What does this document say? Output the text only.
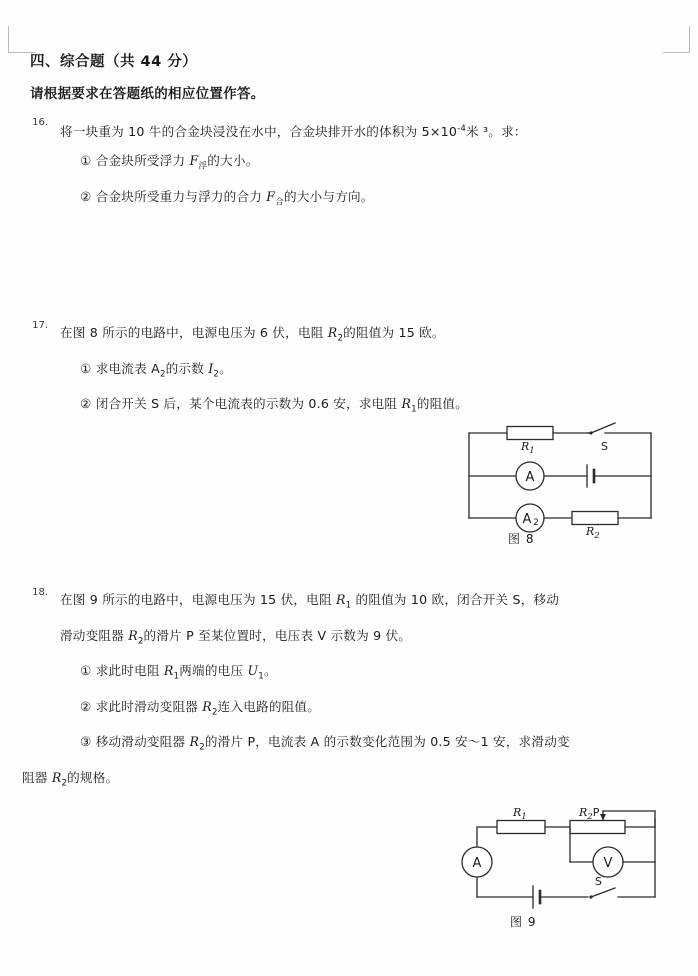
四、综合题（共 44 分）
请根据要求在答题纸的相应位置作答。
16.
将一块重为 10 牛的合金块浸没在水中，合金块排开水的体积为 $5\times 10^{-4}$米 ³。求：
① 合金块所受浮力 $F_浮$的大小。
② 合金块所受重力与浮力的合力 $F_合$的大小与方向。
17. 在图 8 所示的电路中，电源电压为 6 伏，电阻 $R_2$的阻值为 15 欧。
① 求电流表 $A_2$的示数 $I_2$。
② 闭合开关 S 后，某个电流表的示数为 0.6 安，求电阻 $R_1$的阻值。
A
A 2
$R_1$	S
$R_2$
图 8
18. 在图 9 所示的电路中，电源电压为 15 伏，电阻 $R_1$ 的阻值为 10 欧，闭合开关 S，移动
滑动变阻器 $R_2$的滑片 P 至某位置时，电压表 V 示数为 9 伏。
① 求此时电阻 $R_1$两端的电压 $U_1$。
② 求此时滑动变阻器 $R_2$连入电路的阻值。
③ 移动滑动变阻器 $R_2$的滑片 P，电流表 A 的示数变化范围为 0.5 安～1 安，求滑动变
阻器 $R_2$的规格。
A	V
$R_1$	$R_2P$
S
图 9
